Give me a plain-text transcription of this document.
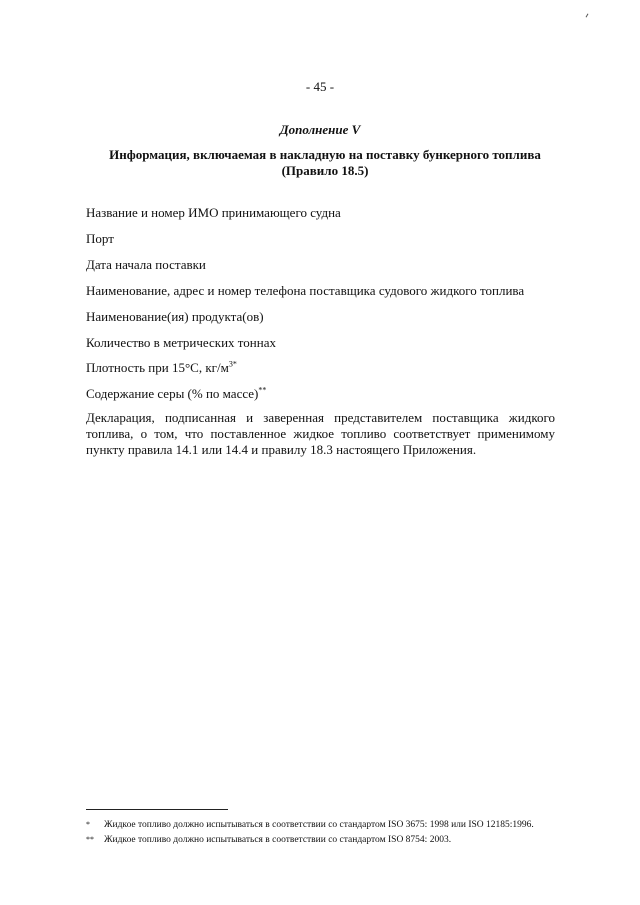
- 45 -
Дополнение V
Информация, включаемая в накладную на поставку бункерного топлива
(Правило 18.5)
Название и номер ИМО принимающего судна
Порт
Дата начала поставки
Наименование, адрес и номер телефона поставщика судового жидкого топлива
Наименование(ия) продукта(ов)
Количество в метрических тоннах
Плотность при 15°С, $кг/м^{3*}$
Содержание серы (% по массе)**
Декларация, подписанная и заверенная представителем поставщика жидкого топлива, о том, что поставленное жидкое топливо соответствует применимому пункту правила 14.1 или 14.4 и правилу 18.3 настоящего Приложения.
* Жидкое топливо должно испытываться в соответствии со стандартом ISO 3675: 1998 или ISO 12185:1996.
** Жидкое топливо должно испытываться в соответствии со стандартом ISO 8754: 2003.
